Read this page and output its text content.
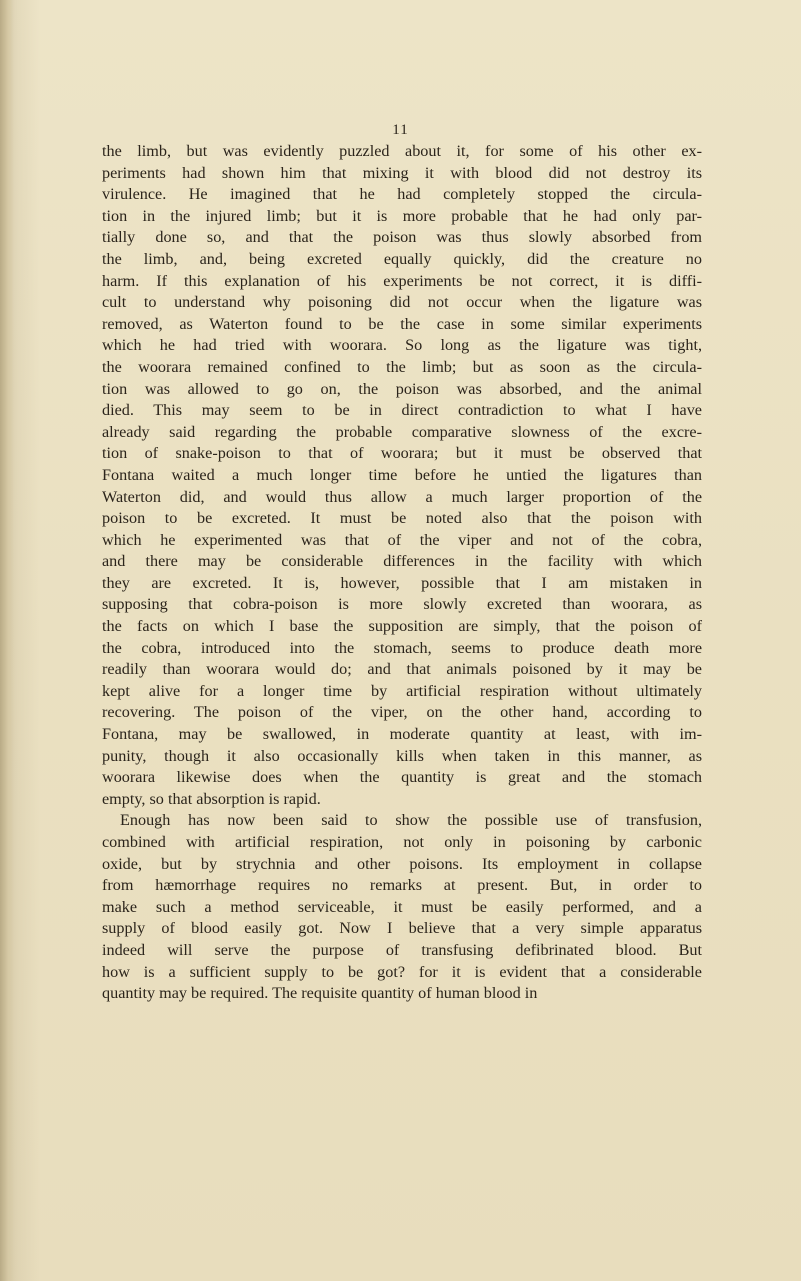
11

the limb, but was evidently puzzled about it, for some of his other ex-

periments had shown him that mixing it with blood did not destroy its

virulence. He imagined that he had completely stopped the circula-

tion in the injured limb; but it is more probable that he had only par-

tially done so, and that the poison was thus slowly absorbed from

the limb, and, being excreted equally quickly, did the creature no

harm. If this explanation of his experiments be not correct, it is diffi-

cult to understand why poisoning did not occur when the ligature was

removed, as Waterton found to be the case in some similar experiments

which he had tried with woorara. So long as the ligature was tight,

the woorara remained confined to the limb; but as soon as the circula-

tion was allowed to go on, the poison was absorbed, and the animal

died. This may seem to be in direct contradiction to what I have

already said regarding the probable comparative slowness of the excre-

tion of snake-poison to that of woorara; but it must be observed that

Fontana waited a much longer time before he untied the ligatures than

Waterton did, and would thus allow a much larger proportion of the

poison to be excreted. It must be noted also that the poison with

which he experimented was that of the viper and not of the cobra,

and there may be considerable differences in the facility with which

they are excreted. It is, however, possible that I am mistaken in

supposing that cobra-poison is more slowly excreted than woorara, as

the facts on which I base the supposition are simply, that the poison of

the cobra, introduced into the stomach, seems to produce death more

readily than woorara would do; and that animals poisoned by it may be

kept alive for a longer time by artificial respiration without ultimately

recovering. The poison of the viper, on the other hand, according to

Fontana, may be swallowed, in moderate quantity at least, with im-

punity, though it also occasionally kills when taken in this manner, as

woorara likewise does when the quantity is great and the stomach

empty, so that absorption is rapid.

Enough has now been said to show the possible use of transfusion,

combined with artificial respiration, not only in poisoning by carbonic

oxide, but by strychnia and other poisons. Its employment in collapse

from hæmorrhage requires no remarks at present. But, in order to

make such a method serviceable, it must be easily performed, and a

supply of blood easily got. Now I believe that a very simple apparatus

indeed will serve the purpose of transfusing defibrinated blood. But

how is a sufficient supply to be got? for it is evident that a considerable

quantity may be required. The requisite quantity of human blood in
